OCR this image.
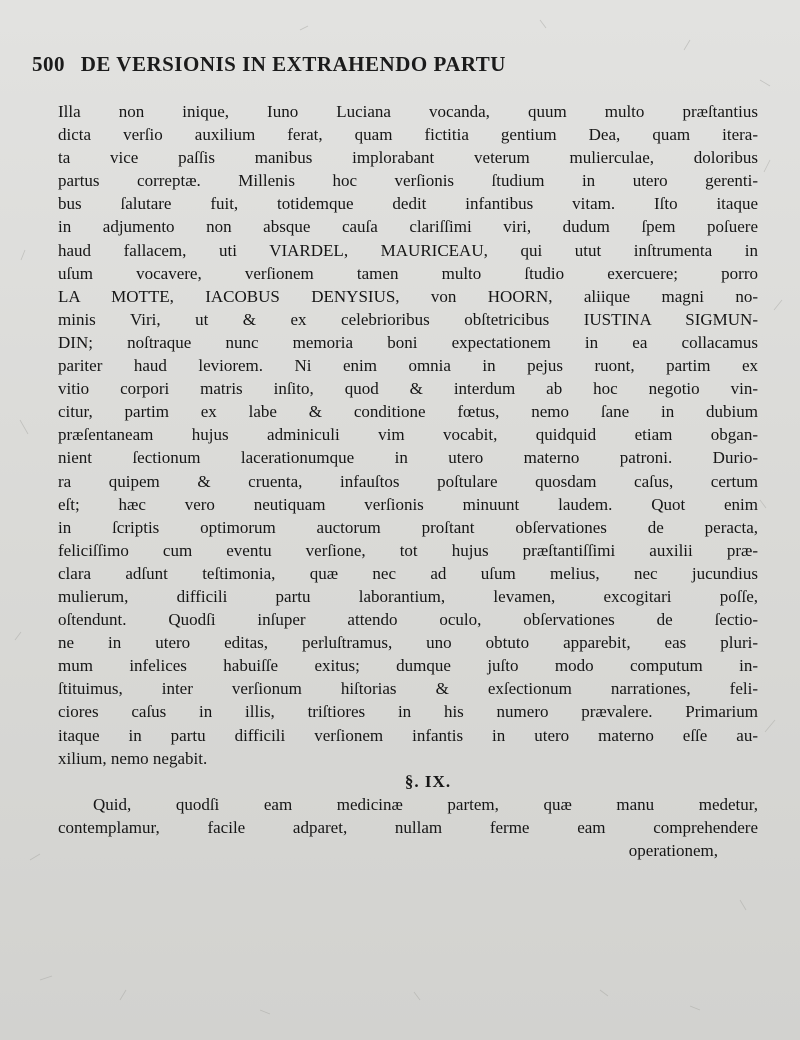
500 DE VERSIONIS IN EXTRAHENDO PARTU
Illa non inique, Iuno Luciana vocanda, quum multo præſtantius
dicta verſio auxilium ferat, quam fictitia gentium Dea, quam itera-
ta vice paſſis manibus implorabant veterum mulierculae, doloribus
partus correptæ. Millenis hoc verſionis ſtudium in utero gerenti-
bus ſalutare fuit, totidemque dedit infantibus vitam. Iſto itaque
in adjumento non absque cauſa clariſſimi viri, dudum ſpem poſuere
haud fallacem, uti VIARDEL, MAURICEAU, qui utut inſtrumenta in
uſum vocavere, verſionem tamen multo ſtudio exercuere; porro
LA MOTTE, IACOBUS DENYSIUS, von HOORN, aliique magni no-
minis Viri, ut & ex celebrioribus obſtetricibus IUSTINA SIGMUN-
DIN; noſtraque nunc memoria boni expectationem in ea collacamus
pariter haud leviorem. Ni enim omnia in pejus ruont, partim ex
vitio corpori matris inſito, quod & interdum ab hoc negotio vin-
citur, partim ex labe & conditione fœtus, nemo ſane in dubium
præſentaneam hujus adminiculi vim vocabit, quidquid etiam obgan-
nient ſectionum lacerationumque in utero materno patroni. Durio-
ra quipem & cruenta, infauſtos poſtulare quosdam caſus, certum
eſt; hæc vero neutiquam verſionis minuunt laudem. Quot enim
in ſcriptis optimorum auctorum proſtant obſervationes de peracta,
feliciſſimo cum eventu verſione, tot hujus præſtantiſſimi auxilii præ-
clara adſunt teſtimonia, quæ nec ad uſum melius, nec jucundius
mulierum, difficili partu laborantium, levamen, excogitari poſſe,
oſtendunt. Quodſi inſuper attendo oculo, obſervationes de ſectio-
ne in utero editas, perluſtramus, uno obtuto apparebit, eas pluri-
mum infelices habuiſſe exitus; dumque juſto modo computum in-
ſtituimus, inter verſionum hiſtorias & exſectionum narrationes, feli-
ciores caſus in illis, triſtiores in his numero prævalere. Primarium
itaque in partu difficili verſionem infantis in utero materno eſſe au-
xilium, nemo negabit.
§. IX.
Quid, quodſi eam medicinæ partem, quæ manu medetur,
contemplamur, facile adparet, nullam ferme eam comprehendere
operationem,
